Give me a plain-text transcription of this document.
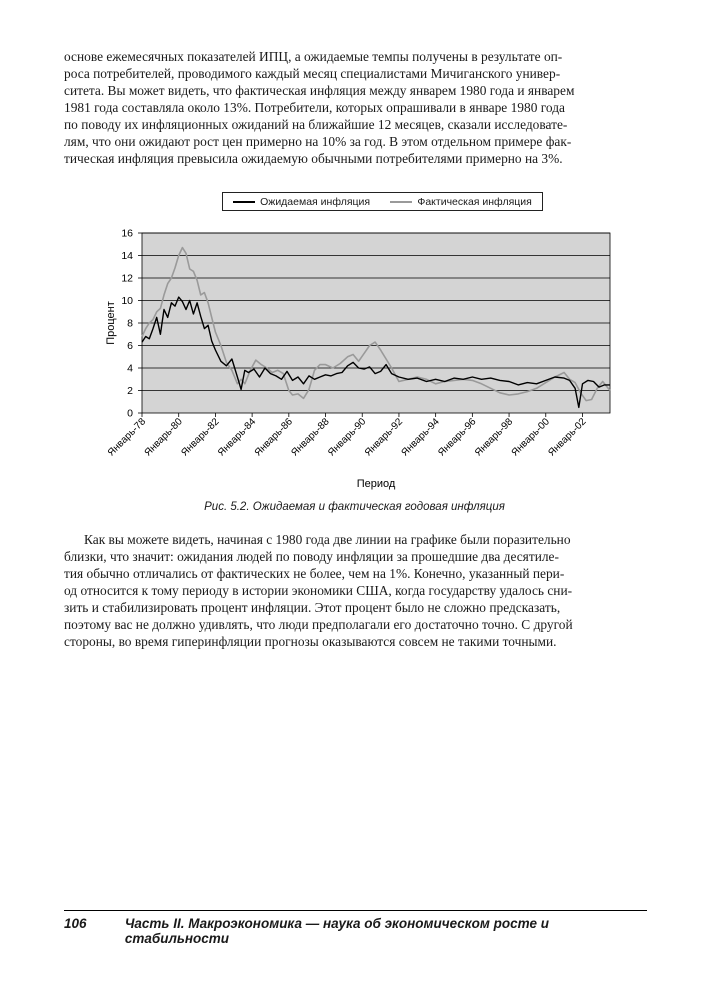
основе ежемесячных показателей ИПЦ, а ожидаемые темпы получены в результате оп-

роса потребителей, проводимого каждый месяц специалистами Мичиганского универ-

ситета. Вы может видеть, что фактическая инфляция между январем 1980 года и январем

1981 года составляла около 13%. Потребители, которых опрашивали в январе 1980 года

по поводу их инфляционных ожиданий на ближайшие 12 месяцев, сказали исследовате-

лям, что они ожидают рост цен примерно на 10% за год. В этом отдельном примере фак-

тическая инфляция превысила ожидаемую обычными потребителями примерно на 3%.

0
2
4
6
8
10
12
14
16
Январь-78
Январь-80
Январь-82
Январь-84
Январь-86
Январь-88
Январь-90
Январь-92
Январь-94
Январь-96
Январь-98
Январь-00
Январь-02
Процент
Период
Ожидаемая инфляция	Фактическая инфляция
Рис. 5.2. Ожидаемая и фактическая годовая инфляция

Как вы можете видеть, начиная с 1980 года две линии на графике были поразительно

близки, что значит: ожидания людей по поводу инфляции за прошедшие два десятиле-

тия обычно отличались от фактических не более, чем на 1%. Конечно, указанный пери-

од относится к тому периоду в истории экономики США, когда государству удалось сни-

зить и стабилизировать процент инфляции. Этот процент было не сложно предсказать,

поэтому вас не должно удивлять, что люди предполагали его достаточно точно. С другой

стороны, во время гиперинфляции прогнозы оказываются совсем не такими точными.

106	Часть II. Макроэкономика — наука об экономическом росте и стабильности
